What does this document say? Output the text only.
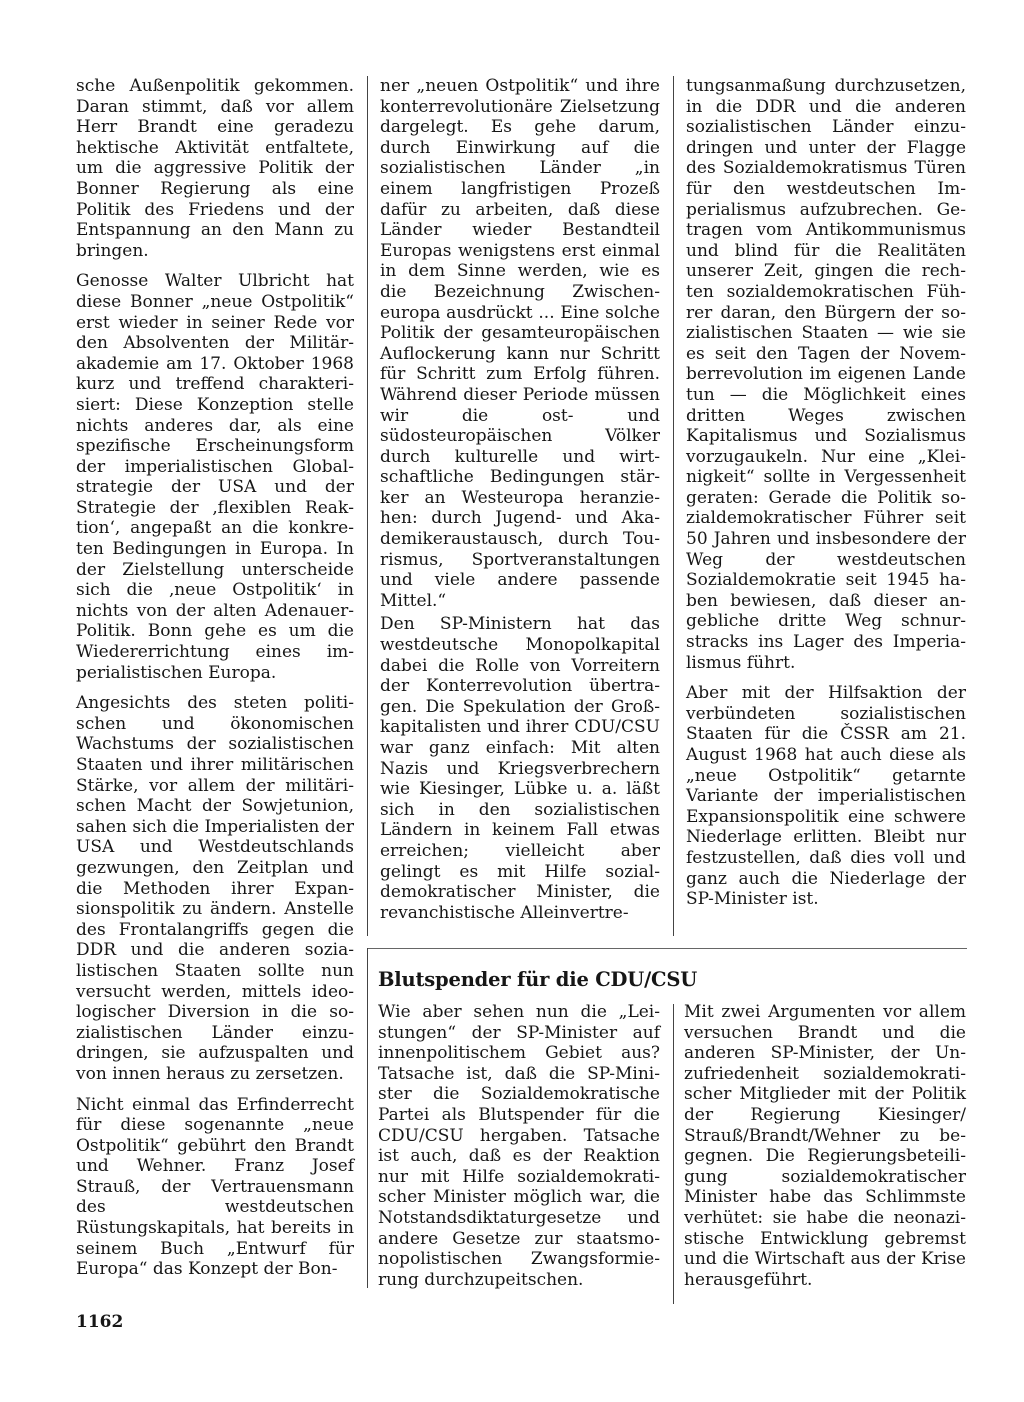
sche Außenpolitik gekommen. Daran stimmt, daß vor allem Herr Brandt eine geradezu hektische Aktivität entfaltete, um die aggressive Politik der Bonner Regierung als eine Politik des Friedens und der Entspannung an den Mann zu bringen.

Genosse Walter Ulbricht hat diese Bonner „neue Ostpolitik“ erst wieder in seiner Rede vor den Absolventen der Militärakademie am 17. Oktober 1968 kurz und treffend charakterisiert: Diese Konzeption stelle nichts anderes dar, als eine spezifische Erscheinungsform der imperialistischen Globalstrategie der USA und der Strategie der ‚flexiblen Reaktion‘, angepaßt an die konkreten Bedingungen in Europa. In der Zielstellung unterscheide sich die ‚neue Ostpolitik‘ in nichts von der alten Adenauer-Politik. Bonn gehe es um die Wiedererrichtung eines imperialistischen Europa.

Angesichts des steten politischen und ökonomischen Wachstums der sozialistischen Staaten und ihrer militärischen Stärke, vor allem der militärischen Macht der Sowjetunion, sahen sich die Imperialisten der USA und Westdeutschlands gezwungen, den Zeitplan und die Methoden ihrer Expansionspolitik zu ändern. Anstelle des Frontalangriffs gegen die DDR und die anderen sozialistischen Staaten sollte nun versucht werden, mittels ideologischer Diversion in die sozialistischen Länder einzudringen, sie aufzuspalten und von innen heraus zu zersetzen.

Nicht einmal das Erfinderrecht für diese sogenannte „neue Ostpolitik“ gebührt den Brandt und Wehner. Franz Josef Strauß, der Vertrauensmann des westdeutschen Rüstungskapitals, hat bereits in seinem Buch „Entwurf für Europa“ das Konzept der Bon-

ner „neuen Ostpolitik“ und ihre konterrevolutionäre Zielsetzung dargelegt. Es gehe darum, durch Einwirkung auf die sozialistischen Länder „in einem langfristigen Prozeß dafür zu arbeiten, daß diese Länder wieder Bestandteil Europas wenigstens erst einmal in dem Sinne werden, wie es die Bezeichnung Zwischeneuropa ausdrückt ... Eine solche Politik der gesamteuropäischen Auflockerung kann nur Schritt für Schritt zum Erfolg führen. Während dieser Periode müssen wir die ost- und südosteuropäischen Völker durch kulturelle und wirtschaftliche Bedingungen stärker an Westeuropa heranziehen: durch Jugend- und Akademikeraustausch, durch Tourismus, Sportveranstaltungen und viele andere passende Mittel.“

Den SP-Ministern hat das westdeutsche Monopolkapital dabei die Rolle von Vorreitern der Konterrevolution übertragen. Die Spekulation der Großkapitalisten und ihrer CDU/CSU war ganz einfach: Mit alten Nazis und Kriegsverbrechern wie Kiesinger, Lübke u. a. läßt sich in den sozialistischen Ländern in keinem Fall etwas erreichen; vielleicht aber gelingt es mit Hilfe sozialdemokratischer Minister, die revanchistische Alleinvertre-

tungsanmaßung durchzusetzen, in die DDR und die anderen sozialistischen Länder einzudringen und unter der Flagge des Sozialdemokratismus Türen für den westdeutschen Imperialismus aufzubrechen. Getragen vom Antikommunismus und blind für die Realitäten unserer Zeit, gingen die rechten sozialdemokratischen Führer daran, den Bürgern der sozialistischen Staaten — wie sie es seit den Tagen der Novemberrevolution im eigenen Lande tun — die Möglichkeit eines dritten Weges zwischen Kapitalismus und Sozialismus vorzugaukeln. Nur eine „Kleinigkeit“ sollte in Vergessenheit geraten: Gerade die Politik sozialdemokratischer Führer seit 50 Jahren und insbesondere der Weg der westdeutschen Sozialdemokratie seit 1945 haben bewiesen, daß dieser angebliche dritte Weg schnurstracks ins Lager des Imperialismus führt.

Aber mit der Hilfsaktion der verbündeten sozialistischen Staaten für die ČSSR am 21. August 1968 hat auch diese als „neue Ostpolitik“ getarnte Variante der imperialistischen Expansionspolitik eine schwere Niederlage erlitten. Bleibt nur festzustellen, daß dies voll und ganz auch die Niederlage der SP-Minister ist.

Blutspender für die CDU/CSU

Wie aber sehen nun die „Leistungen“ der SP-Minister auf innenpolitischem Gebiet aus? Tatsache ist, daß die SP-Minister die Sozialdemokratische Partei als Blutspender für die CDU/CSU hergaben. Tatsache ist auch, daß es der Reaktion nur mit Hilfe sozialdemokratischer Minister möglich war, die Notstandsdiktaturgesetze und andere Gesetze zur staatsmonopolistischen Zwangsformierung durchzupeitschen.

Mit zwei Argumenten vor allem versuchen Brandt und die anderen SP-Minister, der Unzufriedenheit sozialdemokratischer Mitglieder mit der Politik der Regierung Kiesinger/ Strauß/Brandt/Wehner zu begegnen. Die Regierungsbeteiligung sozialdemokratischer Minister habe das Schlimmste verhütet: sie habe die neonazistische Entwicklung gebremst und die Wirtschaft aus der Krise herausgeführt.

1162
